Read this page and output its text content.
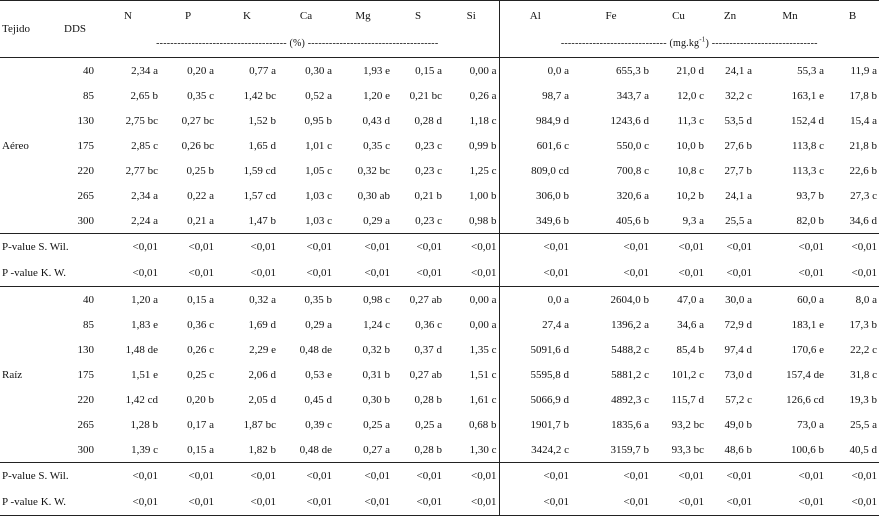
Tejido	DDS	N	P	K	Ca	Mg	S	Si	Al	Fe	Cu	Zn	Mn	B
		------------------------------------- (%) -------------------------------------							------------------------------ $(mg.kg^{-1})$ ------------------------------					
Aéreo	40	2,34 a	0,20 a	0,77 a	0,30 a	1,93 e	0,15 a	0,00 a	0,0 a	655,3 b	21,0 d	24,1 a	55,3 a	11,9 a
	85	2,65 b	0,35 c	1,42 bc	0,52 a	1,20 e	0,21 bc	0,26 a	98,7 a	343,7 a	12,0 c	32,2 c	163,1 e	17,8 b
	130	2,75 bc	0,27 bc	1,52 b	0,95 b	0,43 d	0,28 d	1,18 c	984,9 d	1243,6 d	11,3 c	53,5 d	152,4 d	15,4 a
	175	2,85 c	0,26 bc	1,65 d	1,01 c	0,35 c	0,23 c	0,99 b	601,6 c	550,0 c	10,0 b	27,6 b	113,8 c	21,8 b
	220	2,77 bc	0,25 b	1,59 cd	1,05 c	0,32 bc	0,23 c	1,25 c	809,0 cd	700,8 c	10,8 c	27,7 b	113,3 c	22,6 b
	265	2,34 a	0,22 a	1,57 cd	1,03 c	0,30 ab	0,21 b	1,00 b	306,0 b	320,6 a	10,2 b	24,1 a	93,7 b	27,3 c
	300	2,24 a	0,21 a	1,47 b	1,03 c	0,29 a	0,23 c	0,98 b	349,6 b	405,6 b	9,3 a	25,5 a	82,0 b	34,6 d
P-value S. Wil.		<0,01	<0,01	<0,01	<0,01	<0,01	<0,01	<0,01	<0,01	<0,01	<0,01	<0,01	<0,01	<0,01
P -value K. W.		<0,01	<0,01	<0,01	<0,01	<0,01	<0,01	<0,01	<0,01	<0,01	<0,01	<0,01	<0,01	<0,01
Raíz	40	1,20 a	0,15 a	0,32 a	0,35 b	0,98 c	0,27 ab	0,00 a	0,0 a	2604,0 b	47,0 a	30,0 a	60,0 a	8,0 a
	85	1,83 e	0,36 c	1,69 d	0,29 a	1,24 c	0,36 c	0,00 a	27,4 a	1396,2 a	34,6 a	72,9 d	183,1 e	17,3 b
	130	1,48 de	0,26 c	2,29 e	0,48 de	0,32 b	0,37 d	1,35 c	5091,6 d	5488,2 c	85,4 b	97,4 d	170,6 e	22,2 c
	175	1,51 e	0,25 c	2,06 d	0,53 e	0,31 b	0,27 ab	1,51 c	5595,8 d	5881,2 c	101,2 c	73,0 d	157,4 de	31,8 c
	220	1,42 cd	0,20 b	2,05 d	0,45 d	0,30 b	0,28 b	1,61 c	5066,9 d	4892,3 c	115,7 d	57,2 c	126,6 cd	19,3 b
	265	1,28 b	0,17 a	1,87 bc	0,39 c	0,25 a	0,25 a	0,68 b	1901,7 b	1835,6 a	93,2 bc	49,0 b	73,0 a	25,5 a
	300	1,39 c	0,15 a	1,82 b	0,48 de	0,27 a	0,28 b	1,30 c	3424,2 c	3159,7 b	93,3 bc	48,6 b	100,6 b	40,5 d
P-value S. Wil.		<0,01	<0,01	<0,01	<0,01	<0,01	<0,01	<0,01	<0,01	<0,01	<0,01	<0,01	<0,01	<0,01
P -value K. W.		<0,01	<0,01	<0,01	<0,01	<0,01	<0,01	<0,01	<0,01	<0,01	<0,01	<0,01	<0,01	<0,01
